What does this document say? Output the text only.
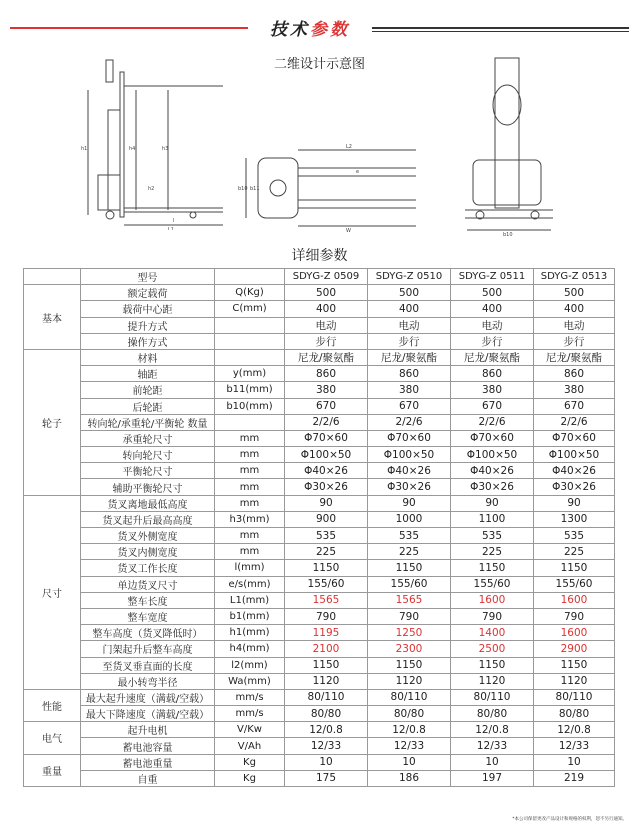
技术参数
二维设计示意图
h1	h4	h3
h2
l
L1
L2
e
b10 b11
W
b10
详细参数
	型号		SDYG-Z 0509	SDYG-Z 0510	SDYG-Z 0511	SDYG-Z 0513
基本	额定载荷	Q(Kg)	500	500	500	500
	载荷中心距	C(mm)	400	400	400	400
	提升方式		电动	电动	电动	电动
	操作方式		步行	步行	步行	步行
轮子	材料		尼龙/聚氨酯	尼龙/聚氨酯	尼龙/聚氨酯	尼龙/聚氨酯
	轴距	y(mm)	860	860	860	860
	前轮距	b11(mm)	380	380	380	380
	后轮距	b10(mm)	670	670	670	670
	转向轮/承重轮/平衡轮 数量		2/2/6	2/2/6	2/2/6	2/2/6
	承重轮尺寸	mm	Φ70×60	Φ70×60	Φ70×60	Φ70×60
	转向轮尺寸	mm	Φ100×50	Φ100×50	Φ100×50	Φ100×50
	平衡轮尺寸	mm	Φ40×26	Φ40×26	Φ40×26	Φ40×26
	辅助平衡轮尺寸	mm	Φ30×26	Φ30×26	Φ30×26	Φ30×26
尺寸	货叉离地最低高度	mm	90	90	90	90
	货叉起升后最高高度	h3(mm)	900	1000	1100	1300
	货叉外侧宽度	mm	535	535	535	535
	货叉内侧宽度	mm	225	225	225	225
	货叉工作长度	l(mm)	1150	1150	1150	1150
	单边货叉尺寸	e/s(mm)	155/60	155/60	155/60	155/60
	整车长度	L1(mm)	1565	1565	1600	1600
	整车宽度	b1(mm)	790	790	790	790
	整车高度（货叉降低时）	h1(mm)	1195	1250	1400	1600
	门架起升后整车高度	h4(mm)	2100	2300	2500	2900
	至货叉垂直面的长度	l2(mm)	1150	1150	1150	1150
	最小转弯半径	Wa(mm)	1120	1120	1120	1120
性能	最大起升速度（满载/空载）	mm/s	80/110	80/110	80/110	80/110
	最大下降速度（满载/空载）	mm/s	80/80	80/80	80/80	80/80
电气	起升电机	V/Kw	12/0.8	12/0.8	12/0.8	12/0.8
	蓄电池容量	V/Ah	12/33	12/33	12/33	12/33
重量	蓄电池重量	Kg	10	10	10	10
	自重	Kg	175	186	197	219
*本公司保留更改产品设计和规格的权利，恕不另行通知。
